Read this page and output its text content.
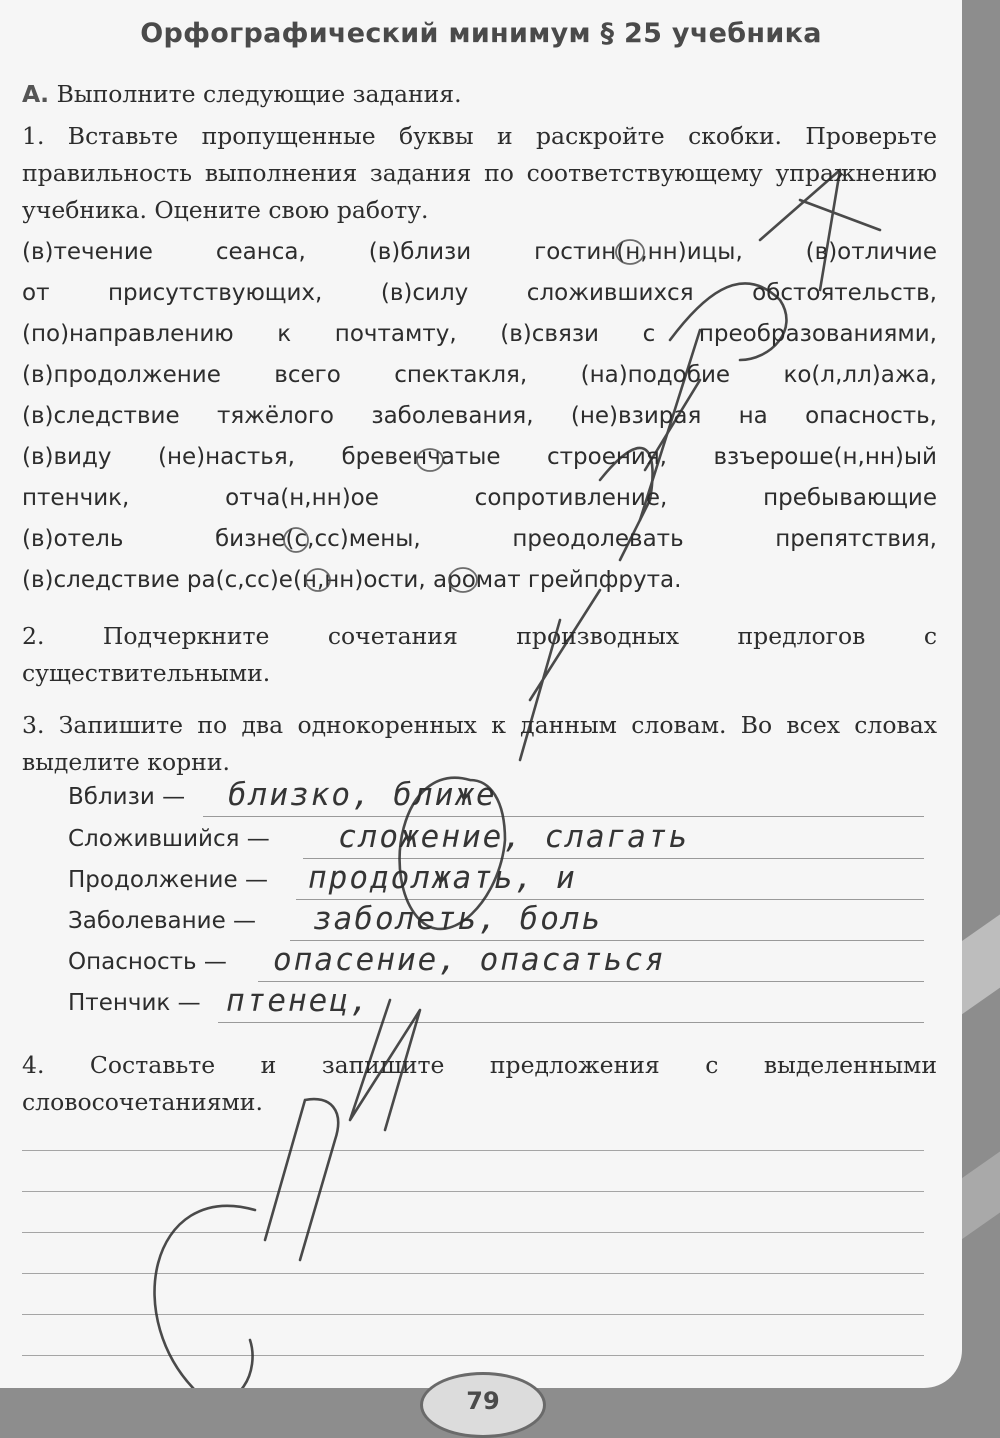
Орфографический минимум § 25 учебника
А. Выполните следующие задания.
1. Вставьте пропущенные буквы и раскройте скобки. Проверьте правильность выполнения задания по соответствующему упражнению учебника. Оцените свою работу.
(в)течение сеанса, (в)близи гостин(н,нн)ицы, (в)отличие
от присутствующих, (в)силу сложившихся обстоятельств,
(по)направлению к почтамту, (в)связи с преобразованиями,
(в)продолжение всего спектакля, (на)подобие ко(л,лл)ажа,
(в)следствие тяжёлого заболевания, (не)взирая на опасность,
(в)виду (не)настья, бревенчатые строения, взъероше(н,нн)ый
птенчик, отча(н,нн)ое сопротивление, пребывающие
(в)отель бизне(с,сс)мены, преодолевать препятствия,
(в)следствие ра(с,сс)е(н,нн)ости, аромат грейпфрута.
2. Подчеркните сочетания производных предлогов с существительными.
3. Запишите по два однокоренных к данным словам. Во всех словах выделите корни.
Вблизи — близко, ближе
Сложившийся — сложение, слагать
Продолжение — продолжать, и
Заболевание — заболеть, боль
Опасность — опасение, опасаться
Птенчик — птенец,
4. Составьте и запишите предложения с выделенными словосочетаниями.
79
